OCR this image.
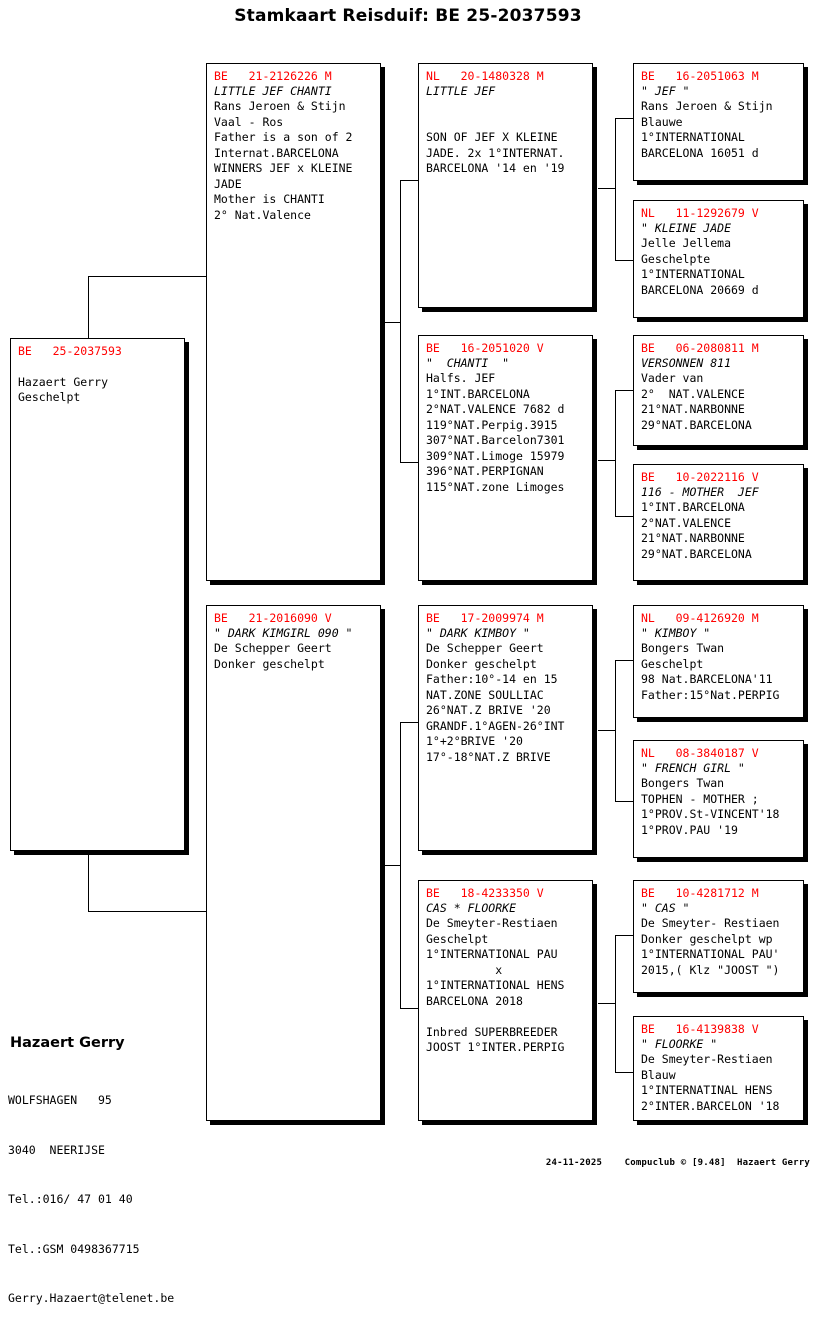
Stamkaart Reisduif: BE 25-2037593
BE   25-2037593
Hazaert Gerry
Geschelpt
BE   21-2126226 M
LITTLE JEF CHANTI
Rans Jeroen & Stijn
Vaal - Ros
Father is a son of 2
Internat.BARCELONA
WINNERS JEF x KLEINE
JADE
Mother is CHANTI
2° Nat.Valence
BE   21-2016090 V
" DARK KIMGIRL 090 "
De Schepper Geert
Donker geschelpt
NL   20-1480328 M
LITTLE JEF
SON OF JEF X KLEINE
JADE. 2x 1°INTERNAT.
BARCELONA '14 en '19
BE   16-2051020 V
"  CHANTI  "
Halfs. JEF
1°INT.BARCELONA
2°NAT.VALENCE 7682 d
119°NAT.Perpig.3915
307°NAT.Barcelon7301
309°NAT.Limoge 15979
396°NAT.PERPIGNAN
115°NAT.zone Limoges
BE   17-2009974 M
" DARK KIMBOY "
De Schepper Geert
Donker geschelpt
Father:10°-14 en 15
NAT.ZONE SOULLIAC
26°NAT.Z BRIVE '20
GRANDF.1°AGEN-26°INT
1°+2°BRIVE '20
17°-18°NAT.Z BRIVE
BE   18-4233350 V
CAS * FLOORKE
De Smeyter-Restiaen
Geschelpt
1°INTERNATIONAL PAU
x
1°INTERNATIONAL HENS
BARCELONA 2018
Inbred SUPERBREEDER
JOOST 1°INTER.PERPIG
BE   16-2051063 M
" JEF "
Rans Jeroen & Stijn
Blauwe
1°INTERNATIONAL
BARCELONA 16051 d
NL   11-1292679 V
" KLEINE JADE
Jelle Jellema
Geschelpte
1°INTERNATIONAL
BARCELONA 20669 d
BE   06-2080811 M
VERSONNEN 811
Vader van
2°  NAT.VALENCE
21°NAT.NARBONNE
29°NAT.BARCELONA
BE   10-2022116 V
116 - MOTHER  JEF
1°INT.BARCELONA
2°NAT.VALENCE
21°NAT.NARBONNE
29°NAT.BARCELONA
NL   09-4126920 M
" KIMBOY "
Bongers Twan
Geschelpt
98 Nat.BARCELONA'11
Father:15°Nat.PERPIG
NL   08-3840187 V
" FRENCH GIRL "
Bongers Twan
TOPHEN - MOTHER ;
1°PROV.St-VINCENT'18
1°PROV.PAU '19
BE   10-4281712 M
" CAS "
De Smeyter- Restiaen
Donker geschelpt wp
1°INTERNATIONAL PAU'
2015,( Klz "JOOST ")
BE   16-4139838 V
" FLOORKE "
De Smeyter-Restiaen
Blauw
1°INTERNATINAL HENS
2°INTER.BARCELON '18
Hazaert Gerry

WOLFSHAGEN   95

3040  NEERIJSE

Tel.:016/ 47 01 40

Tel.:GSM 0498367715

Gerry.Hazaert@telenet.be

24-11-2025    Compuclub © [9.48]  Hazaert Gerry
